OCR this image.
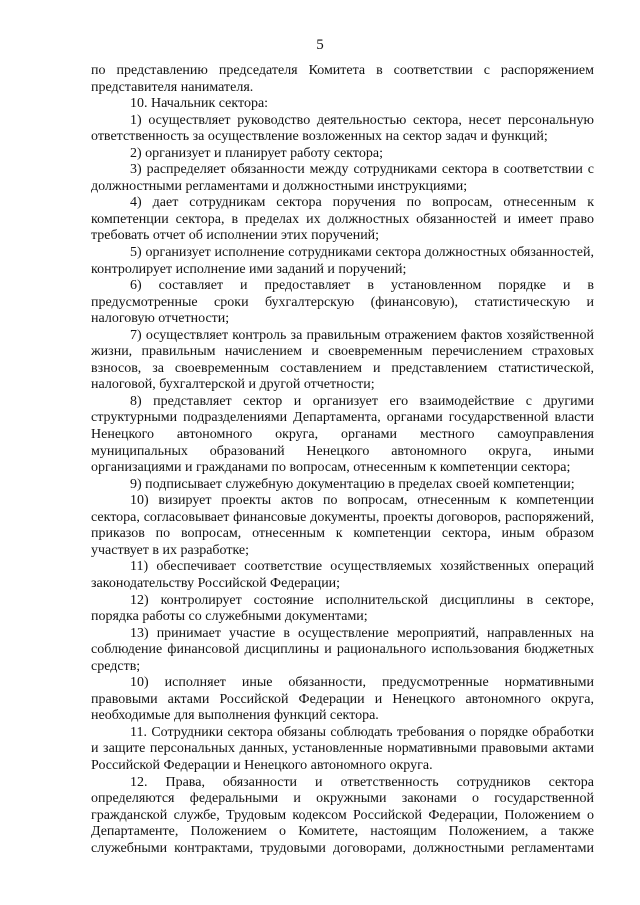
5

по представлению председателя Комитета в соответствии с распоряжением представителя нанимателя.

10. Начальник сектора:

1) осуществляет руководство деятельностью сектора, несет персональную ответственность за осуществление возложенных на сектор задач и функций;

2) организует и планирует работу сектора;

3) распределяет обязанности между сотрудниками сектора в соответствии с должностными регламентами и должностными инструкциями;

4) дает сотрудникам сектора поручения по вопросам, отнесенным к компетенции сектора, в пределах их должностных обязанностей и имеет право требовать отчет об исполнении этих поручений;

5) организует исполнение сотрудниками сектора должностных обязанностей, контролирует исполнение ими заданий и поручений;

6) составляет и предоставляет в установленном порядке и в предусмотренные сроки бухгалтерскую (финансовую), статистическую и налоговую отчетности;

7) осуществляет контроль за правильным отражением фактов хозяйственной жизни, правильным начислением и своевременным перечислением страховых взносов, за своевременным составлением и представлением статистической, налоговой, бухгалтерской и другой отчетности;

8) представляет сектор и организует его взаимодействие с другими структурными подразделениями Департамента, органами государственной власти Ненецкого автономного округа, органами местного самоуправления муниципальных образований Ненецкого автономного округа, иными организациями и гражданами по вопросам, отнесенным к компетенции сектора;

9) подписывает служебную документацию в пределах своей компетенции;

10) визирует проекты актов по вопросам, отнесенным к компетенции сектора, согласовывает финансовые документы, проекты договоров, распоряжений, приказов по вопросам, отнесенным к компетенции сектора, иным образом участвует в их разработке;

11) обеспечивает соответствие осуществляемых хозяйственных операций законодательству Российской Федерации;

12) контролирует состояние исполнительской дисциплины в секторе, порядка работы со служебными документами;

13) принимает участие в осуществление мероприятий, направленных на соблюдение финансовой дисциплины и рационального использования бюджетных средств;

10) исполняет иные обязанности, предусмотренные нормативными правовыми актами Российской Федерации и Ненецкого автономного округа, необходимые для выполнения функций сектора.

11. Сотрудники сектора обязаны соблюдать требования о порядке обработки и защите персональных данных, установленные нормативными правовыми актами Российской Федерации и Ненецкого автономного округа.

12. Права, обязанности и ответственность сотрудников сектора определяются федеральными и окружными законами о государственной гражданской службе, Трудовым кодексом Российской Федерации, Положением о Департаменте, Положением о Комитете, настоящим Положением, а также служебными контрактами, трудовыми договорами, должностными регламентами
